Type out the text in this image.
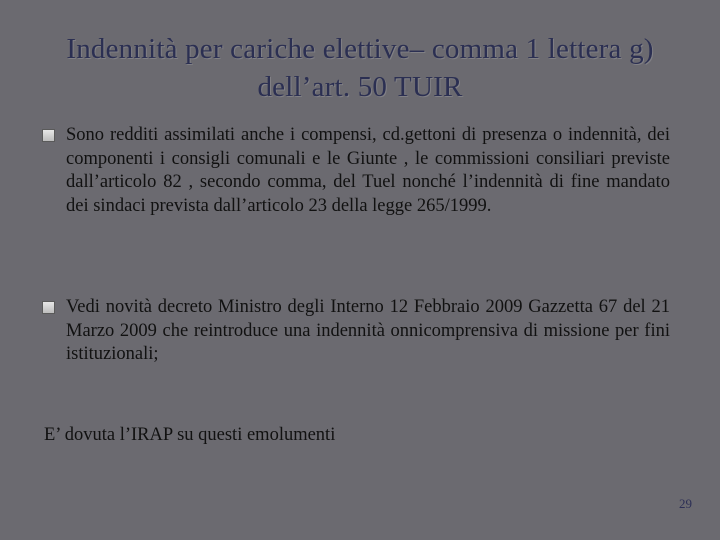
Indennità per cariche elettive– comma 1 lettera g) dell’art. 50 TUIR
Sono redditi assimilati anche i compensi, cd.gettoni di presenza o indennità, dei componenti i consigli comunali e le Giunte , le commissioni consiliari previste dall’articolo 82 , secondo comma, del Tuel nonché l’indennità di fine mandato dei sindaci prevista dall’articolo 23 della legge 265/1999.
Vedi novità decreto Ministro degli Interno 12 Febbraio 2009 Gazzetta 67 del 21 Marzo 2009 che reintroduce una indennità onnicomprensiva di missione per fini istituzionali;
E’ dovuta l’IRAP su questi emolumenti
29
